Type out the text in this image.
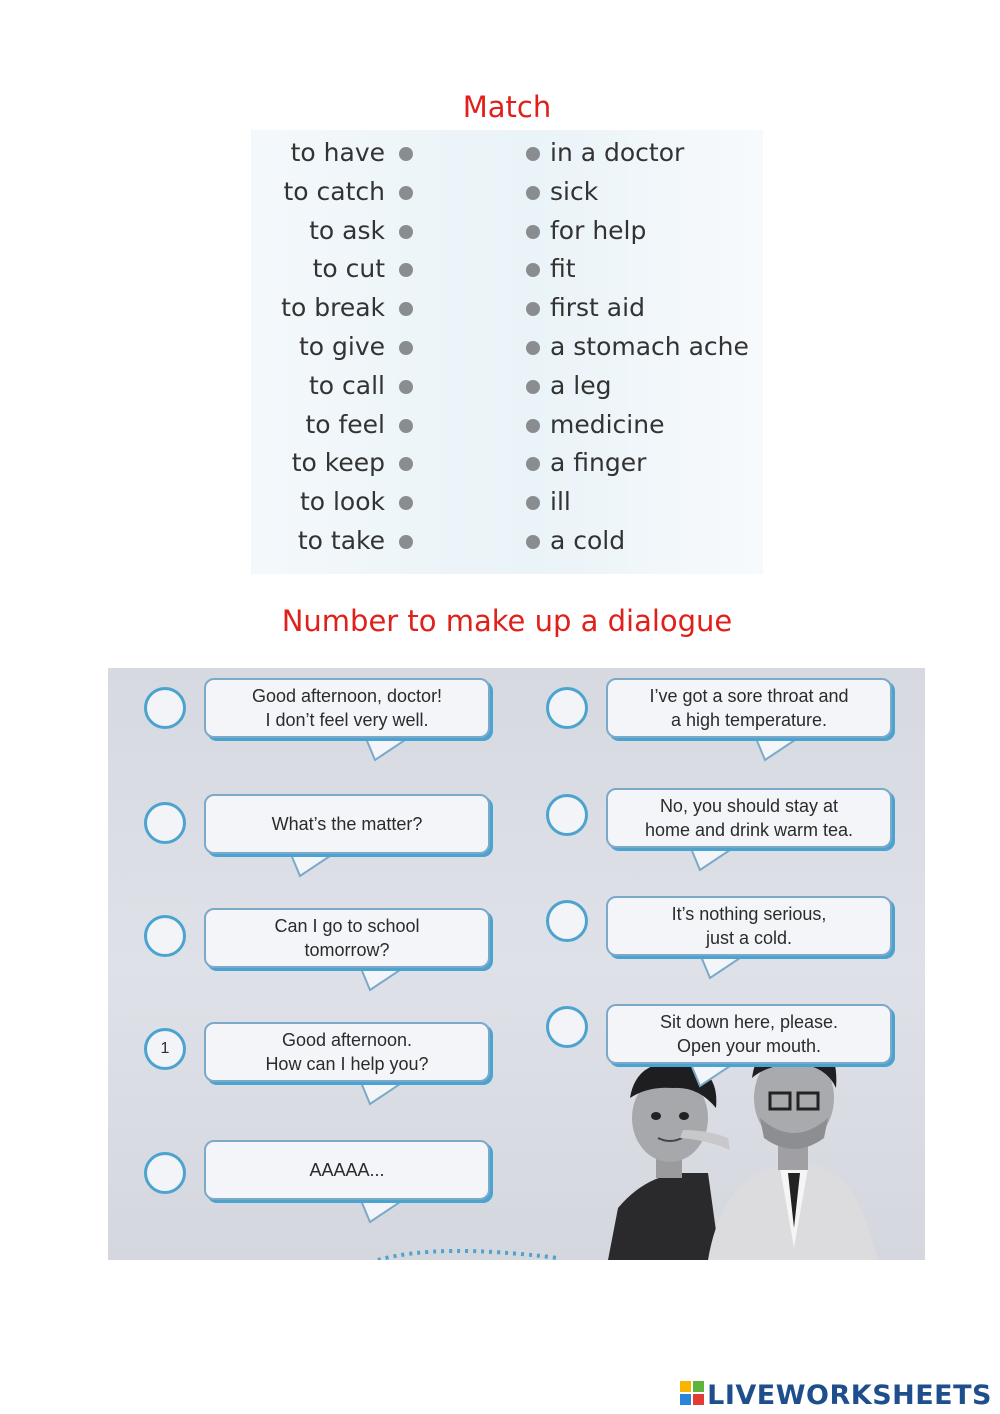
Match
to have	in a doctor
to catch	sick
to ask	for help
to cut	fit
to break	first aid
to give	a stomach ache
to call	a leg
to feel	medicine
to keep	a finger
to look	ill
to take	a cold
Number to make up a dialogue
Good afternoon, doctor!
I don’t feel very well.
What’s the matter?
Can I go to school
tomorrow?
1	Good afternoon.
How can I help you?
AAAAA...
I’ve got a sore throat and
a high temperature.
No, you should stay at
home and drink warm tea.
It’s nothing serious,
just a cold.
Sit down here, please.
Open your mouth.
LIVEWORKSHEETS
